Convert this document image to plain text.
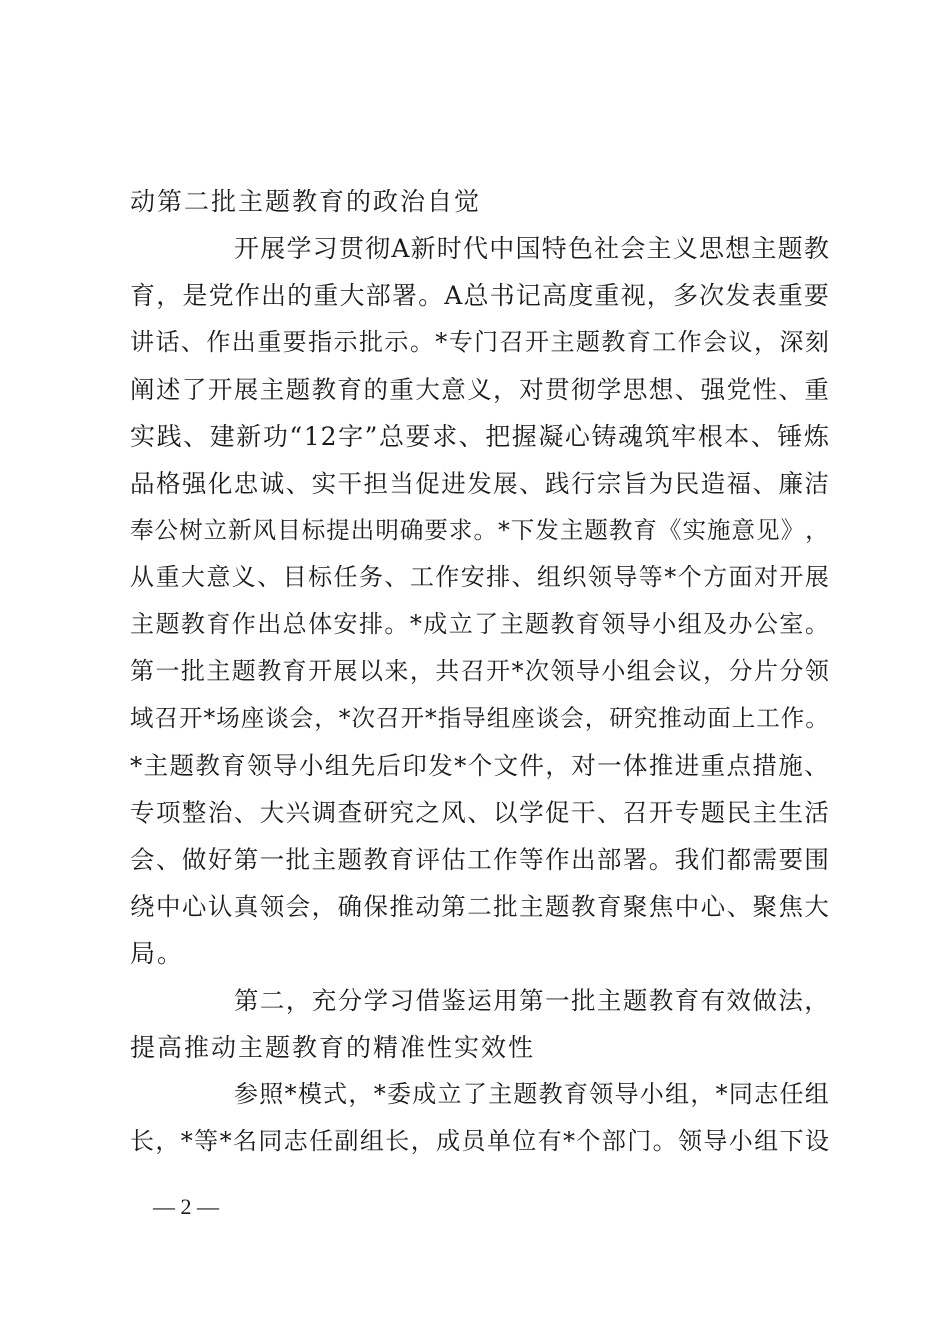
动第二批主题教育的政治自觉
开 展 学 习 贯 彻 A 新 时 代 中 国 特 色 社 会 主 义 思 想 主 题 教
育 ， 是 党 作 出 的 重 大 部 署 。 A 总 书 记 高 度 重 视 ， 多 次 发 表 重 要
讲 话 、 作 出 重 要 指 示 批 示 。 * 专 门 召 开 主 题 教 育 工 作 会 议 ， 深 刻
阐 述 了 开 展 主 题 教 育 的 重 大 意 义 ， 对 贯 彻 学 思 想 、 强 党 性 、 重
实 践 、 建 新 功 “ 12 字 ” 总 要 求 、 把 握 凝 心 铸 魂 筑 牢 根 本 、 锤 炼
品 格 强 化 忠 诚 、 实 干 担 当 促 进 发 展 、 践 行 宗 旨 为 民 造 福 、 廉 洁
奉 公 树 立 新 风 目 标 提 出 明 确 要 求 。 * 下 发 主 题 教 育 《 实 施 意 见 》 ，
从 重 大 意 义 、 目 标 任 务 、 工 作 安 排 、 组 织 领 导 等 * 个 方 面 对 开 展
主 题 教 育 作 出 总 体 安 排 。 * 成 立 了 主 题 教 育 领 导 小 组 及 办 公 室 。
第 一 批 主 题 教 育 开 展 以 来 ， 共 召 开 * 次 领 导 小 组 会 议 ， 分 片 分 领
域 召 开 * 场 座 谈 会 ， * 次 召 开 * 指 导 组 座 谈 会 ， 研 究 推 动 面 上 工 作 。
* 主 题 教 育 领 导 小 组 先 后 印 发 * 个 文 件 ， 对 一 体 推 进 重 点 措 施 、
专 项 整 治 、 大 兴 调 查 研 究 之 风 、 以 学 促 干 、 召 开 专 题 民 主 生 活
会 、 做 好 第 一 批 主 题 教 育 评 估 工 作 等 作 出 部 署 。 我 们 都 需 要 围
绕 中 心 认 真 领 会 ， 确 保 推 动 第 二 批 主 题 教 育 聚 焦 中 心 、 聚 焦 大
局。
第 二 ， 充 分 学 习 借 鉴 运 用 第 一 批 主 题 教 育 有 效 做 法 ，
提高推动主题教育的精准性实效性
参 照 * 模 式 ， * 委 成 立 了 主 题 教 育 领 导 小 组 ， * 同 志 任 组
长 ， * 等 * 名 同 志 任 副 组 长 ， 成 员 单 位 有 * 个 部 门 。 领 导 小 组 下 设
— 2 —
